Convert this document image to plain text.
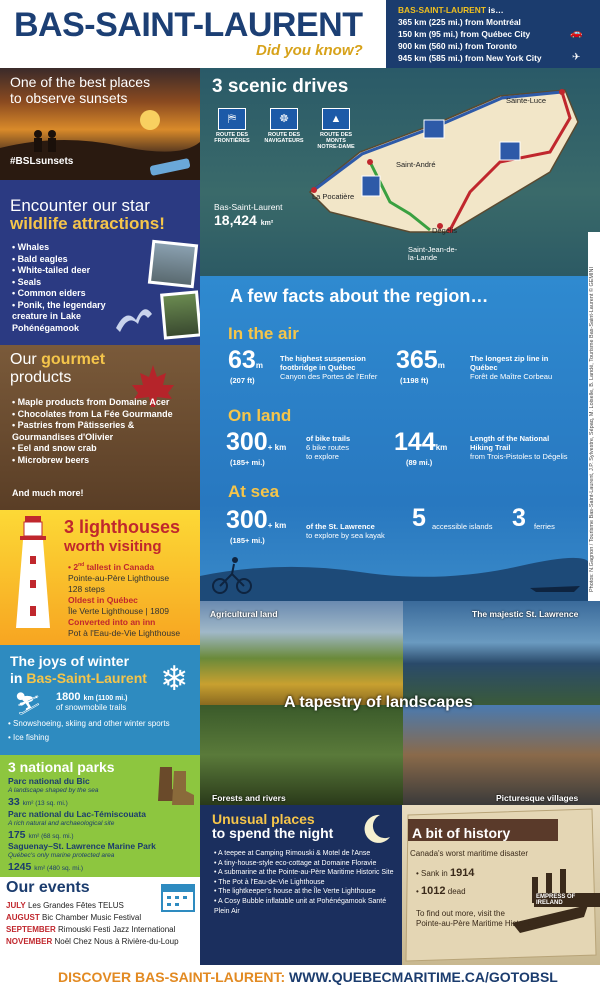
BAS-SAINT-LAURENT
Did you know?
BAS-SAINT-LAURENT is…
365 km (225 mi.) from Montréal
150 km (95 mi.) from Québec City
900 km (560 mi.) from Toronto
945 km (585 mi.) from New York City
🚗
✈
One of the best places
to observe sunsets
#BSLsunsets
Encounter our star
wildlife attractions!
• Whales
• Bald eagles
• White-tailed deer
• Seals
• Common eiders
• Ponik, the legendary creature in Lake Pohénégamook
Our gourmet
products
• Maple products from Domaine Acer
• Chocolates from La Fée Gourmande
• Pastries from Pâtisseries & Gourmandises d'Olivier
• Eel and snow crab
• Microbrew beers
And much more!
3 lighthouses
worth visiting
• 2nd tallest in Canada
Pointe-au-Père Lighthouse
128 steps
Oldest in Québec
Île Verte Lighthouse | 1809
Converted into an inn
Pot à l'Eau-de-Vie Lighthouse
The joys of winter
in Bas-Saint-Laurent ❄
⛷ 1800 km (1100 mi.)
of snowmobile trails
• Snowshoeing, skiing and other winter sports
• Ice fishing
3 national parks
Parc national du Bic
A landscape shaped by the sea
33 km² (13 sq. mi.)
Parc national du Lac-Témiscouata
A rich natural and archaeological site
175 km² (68 sq. mi.)
Saguenay–St. Lawrence Marine Park
Québec's only marine protected area
1245 km² (480 sq. mi.)
Our events
JULY Les Grandes Fêtes TELUS
AUGUST Bic Chamber Music Festival
SEPTEMBER Rimouski Festi Jazz International
NOVEMBER Noël Chez Nous à Rivière-du-Loup
3 scenic drives
⛿
ROUTE DES FRONTIÈRES
☸
ROUTE DES NAVIGATEURS
▲
ROUTE DES MONTS NOTRE-DAME
Sainte-Luce
Saint-André
La Pocatière
Dégelis
Saint-Jean-de-la-Lande
Bas-Saint-Laurent
18,424 km²
A few facts about the region…
In the air
63m
(207 ft)
The highest suspension
footbridge in Québec
Canyon des Portes de l'Enfer
365m
(1198 ft)
The longest zip line in
Québec
Forêt de Maître Corbeau
On land
300+ km
(185+ mi.)
of bike trails
6 bike routes
to explore
144km
(89 mi.)
Length of the National
Hiking Trail
from Trois-Pistoles to Dégelis
At sea
300+ km
(185+ mi.)
of the St. Lawrence
to explore by sea kayak
5 accessible islands 3 ferries	Photos: N.Gagnon / Tourisme Bas-Saint-Laurent, J.P. Sylvestre, Sépaq, M. Loiselle, B. Landé, Tourisme Bas-Saint-Laurent © GEMINI
Agricultural land	The majestic St. Lawrence
Forests and rivers	Picturesque villages
A tapestry of landscapes
Unusual places
to spend the night
• A teepee at Camping Rimouski & Motel de l'Anse
• A tiny-house-style eco-cottage at Domaine Floravie
• A submarine at the Pointe-au-Père Maritime Historic Site
• The Pot à l'Eau-de-Vie Lighthouse
• The lightkeeper's house at the Île Verte Lighthouse
• A Cosy Bubble inflatable unit at Pohénégamook Santé Plein Air
A bit of history
Canada's worst maritime disaster
• Sank in 1914
• 1012 dead
To find out more, visit the
Pointe-au-Père Maritime Historic Site
EMPRESS OF IRELAND
DISCOVER BAS-SAINT-LAURENT: WWW.QUEBECMARITIME.CA/GOTOBSL
